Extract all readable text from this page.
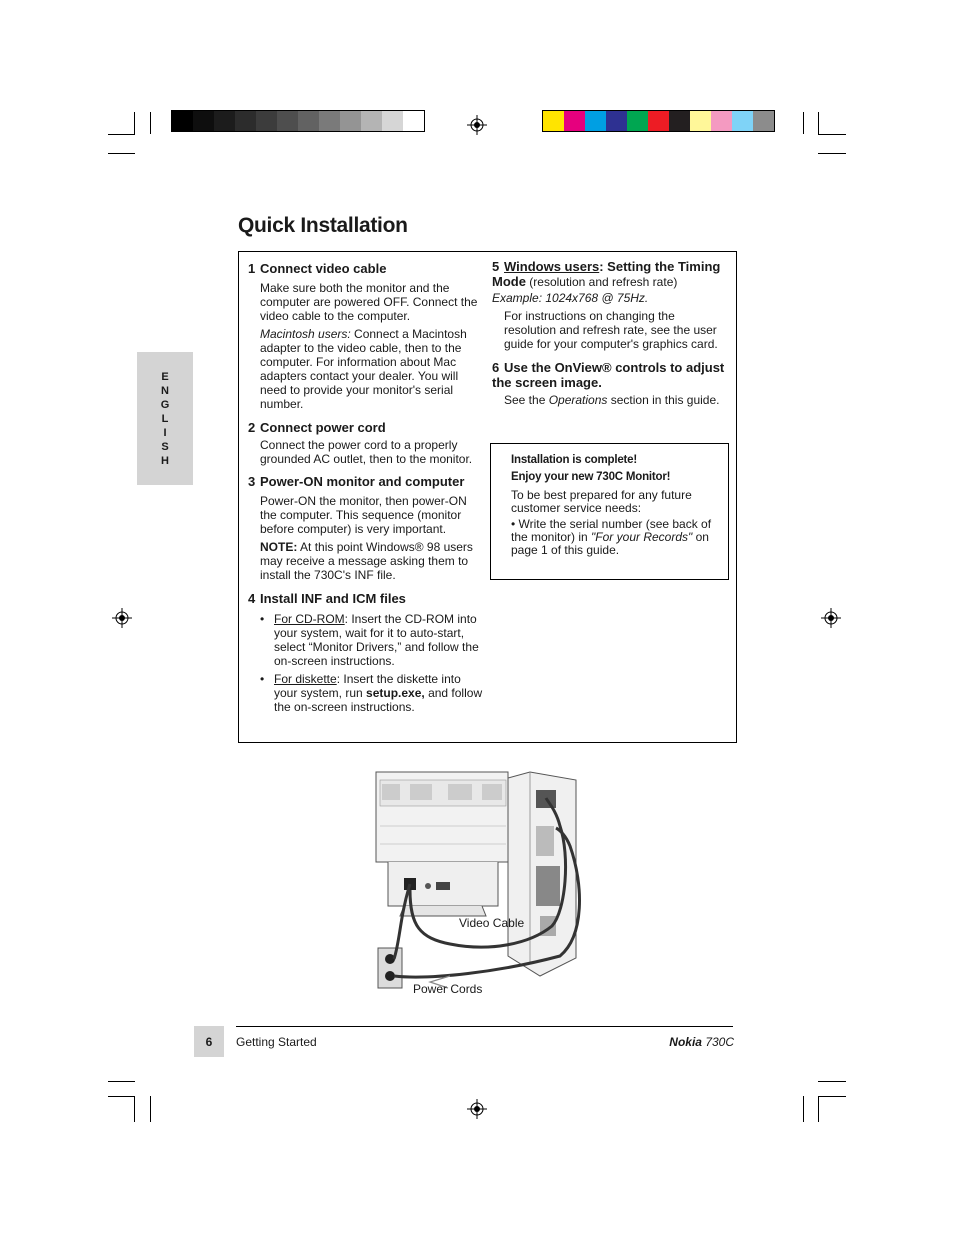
E
N
G
L
I
S
H
Quick Installation

1 Connect video cable

Make sure both the monitor and the computer are powered OFF. Connect the video cable to the computer.

Macintosh users: Connect a Macintosh adapter to the video cable, then to the computer. For information about Mac adapters contact your dealer. You will need to provide your monitor's serial number.

2 Connect power cord

Connect the power cord to a properly grounded AC outlet, then to the monitor.

3 Power-ON monitor and computer

Power-ON the monitor, then power-ON the computer. This sequence (monitor before computer) is very important.

NOTE: At this point Windows® 98 users may receive a message asking them to install the 730C's INF file.

4 Install INF and ICM files

• For CD-ROM: Insert the CD-ROM into your system, wait for it to auto-start, select “Monitor Drivers,” and follow the on-screen instructions.

• For diskette: Insert the diskette into your system, run setup.exe, and follow the on-screen instructions.

5 Windows users: Setting the Timing Mode (resolution and refresh rate) Example: 1024x768 @ 75Hz.

For instructions on changing the resolution and refresh rate, see the user guide for your computer's graphics card.

6 Use the OnView® controls to adjust the screen image.

See the Operations section in this guide.

Installation is complete!
Enjoy your new 730C Monitor!
To be best prepared for any future customer service needs:
• Write the serial number (see back of the monitor) in "For your Records" on page 1 of this guide.
Video Cable
Power Cords
6	Getting Started	Nokia 730C
